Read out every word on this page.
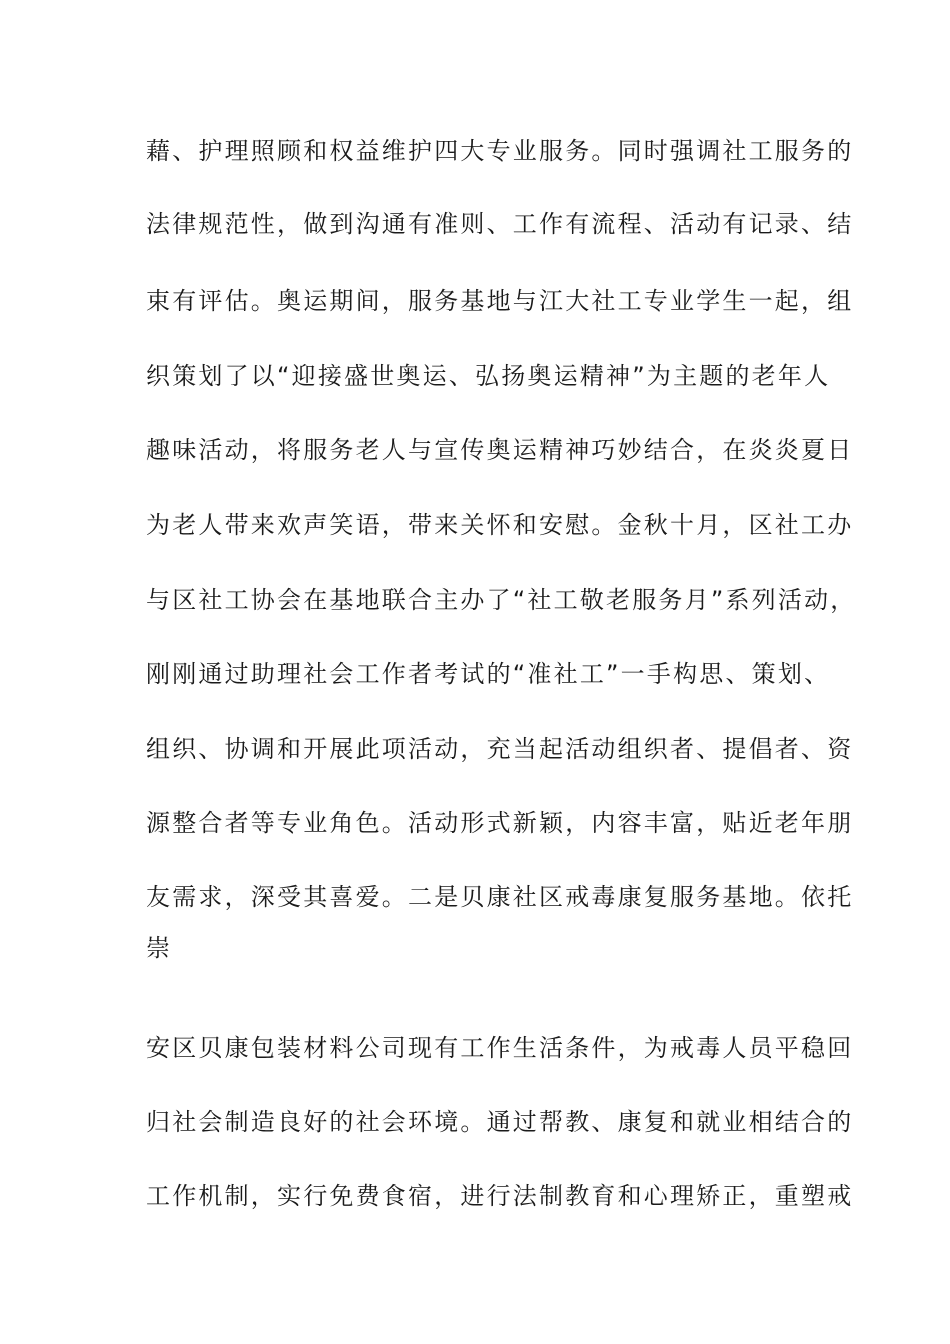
藉、护理照顾和权益维护四大专业服务。同时强调社工服务的
法律规范性，做到沟通有准则、工作有流程、活动有记录、结
束有评估。奥运期间，服务基地与江大社工专业学生一起，组
织策划了以“迎接盛世奥运、弘扬奥运精神”为主题的老年人
趣味活动，将服务老人与宣传奥运精神巧妙结合，在炎炎夏日
为老人带来欢声笑语，带来关怀和安慰。金秋十月，区社工办
与区社工协会在基地联合主办了“社工敬老服务月”系列活动，
刚刚通过助理社会工作者考试的“准社工”一手构思、策划、
组织、协调和开展此项活动，充当起活动组织者、提倡者、资
源整合者等专业角色。活动形式新颖，内容丰富，贴近老年朋
友需求，深受其喜爱。二是贝康社区戒毒康复服务基地。依托
崇
安区贝康包装材料公司现有工作生活条件，为戒毒人员平稳回
归社会制造良好的社会环境。通过帮教、康复和就业相结合的
工作机制，实行免费食宿，进行法制教育和心理矫正，重塑戒
